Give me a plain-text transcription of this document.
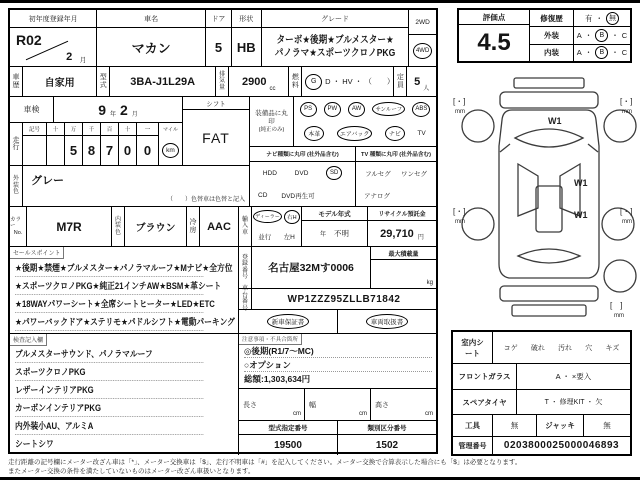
初年度登録年月
R02
2 月
車名
マカン
ドア
5
形状
HB
グレード
ターボ★後期★ブルメスター★
パノラマ★スポーツクロノPKG
2WD
4WD
車歴	自家用
型式	3BA-J1L29A
排気量
2900
cc
燃料	G	D ・ HV ・ （　　） 定員 5
人
車検	9 年 2 月
走行
記号	十	万	千	百	十	一
5 8 7 0 0
マイル
km
シフト
FAT
外装色
グレー
（　　）色替車は色替と記入
装備品に丸印
(純正のみ)
PS	PW	AW	サンルーフ	ABS
本革	エアバック	ナビ	TV
ナビ種類に丸印 (社外品含む)	TV 種類に丸印 (社外品含む)
HDD	DVD	SD
CD DVD再生可
フルセグ ワンセグ
アナログ
カラー
No.	M7R	内装色	ブラウン
冷房 AAC
輸入車
ディーラー	右H
並行 左H
モデル年式
年 不明
リサイクル預託金
29,710 円
セールスポイント
★後期★禁煙★ブルメスター★パノラマルーフ★Mナビ★全方位
★スポーツクロノPKG★純正21インチAW★BSM★革シート
★18WAYパワーシート★全席シートヒーター★LED★ETC
★パワーバックドア★ステリモ★パドルシフト★電動パーキング
登録番号
名古屋32Mす0006
最大積載量
kg
車台番号
WP1ZZZ95ZLLB71842
新車保証書	車両取扱書
検査記入欄
ブルメスターサウンド、パノラマルーフ
スポーツクロノPKG
レザーインテリアPKG
カーボンインテリアPKG
内外装小AU、アルミA
シートシワ
注意事項・不具合箇所
◎後期(R1/7～MC)
○オプション
総額:1,303,634円
長さ
cm
幅
cm
高さ
cm
型式指定番号
19500
類別区分番号
1502
評価点
4.5
修復歴	有 ・ 無
外装	A ・	B ・ C
内装	A ・	B ・ C
[・]
mm
[・]
mm
[・]
mm
[・]
mm
[　]
mm
W1
W1
W1
室内シート
コゲ 破れ 汚れ 穴 キズ
フロントガラス	A ・ ×要入
スペアタイヤ	T ・ 修理KIT ・ 欠
工具	無	ジャッキ	無
管理番号	0203800025000046893
走行距離の記号欄にメーター改ざん車は「*」、メーター交換車は「$」、走行不明車は「#」を記入してください。メーター交換で合算表示した場合にも「$」は必要となります。
またメーター交換の条件を満たしていないものはメーター改ざん車扱いとなります。
